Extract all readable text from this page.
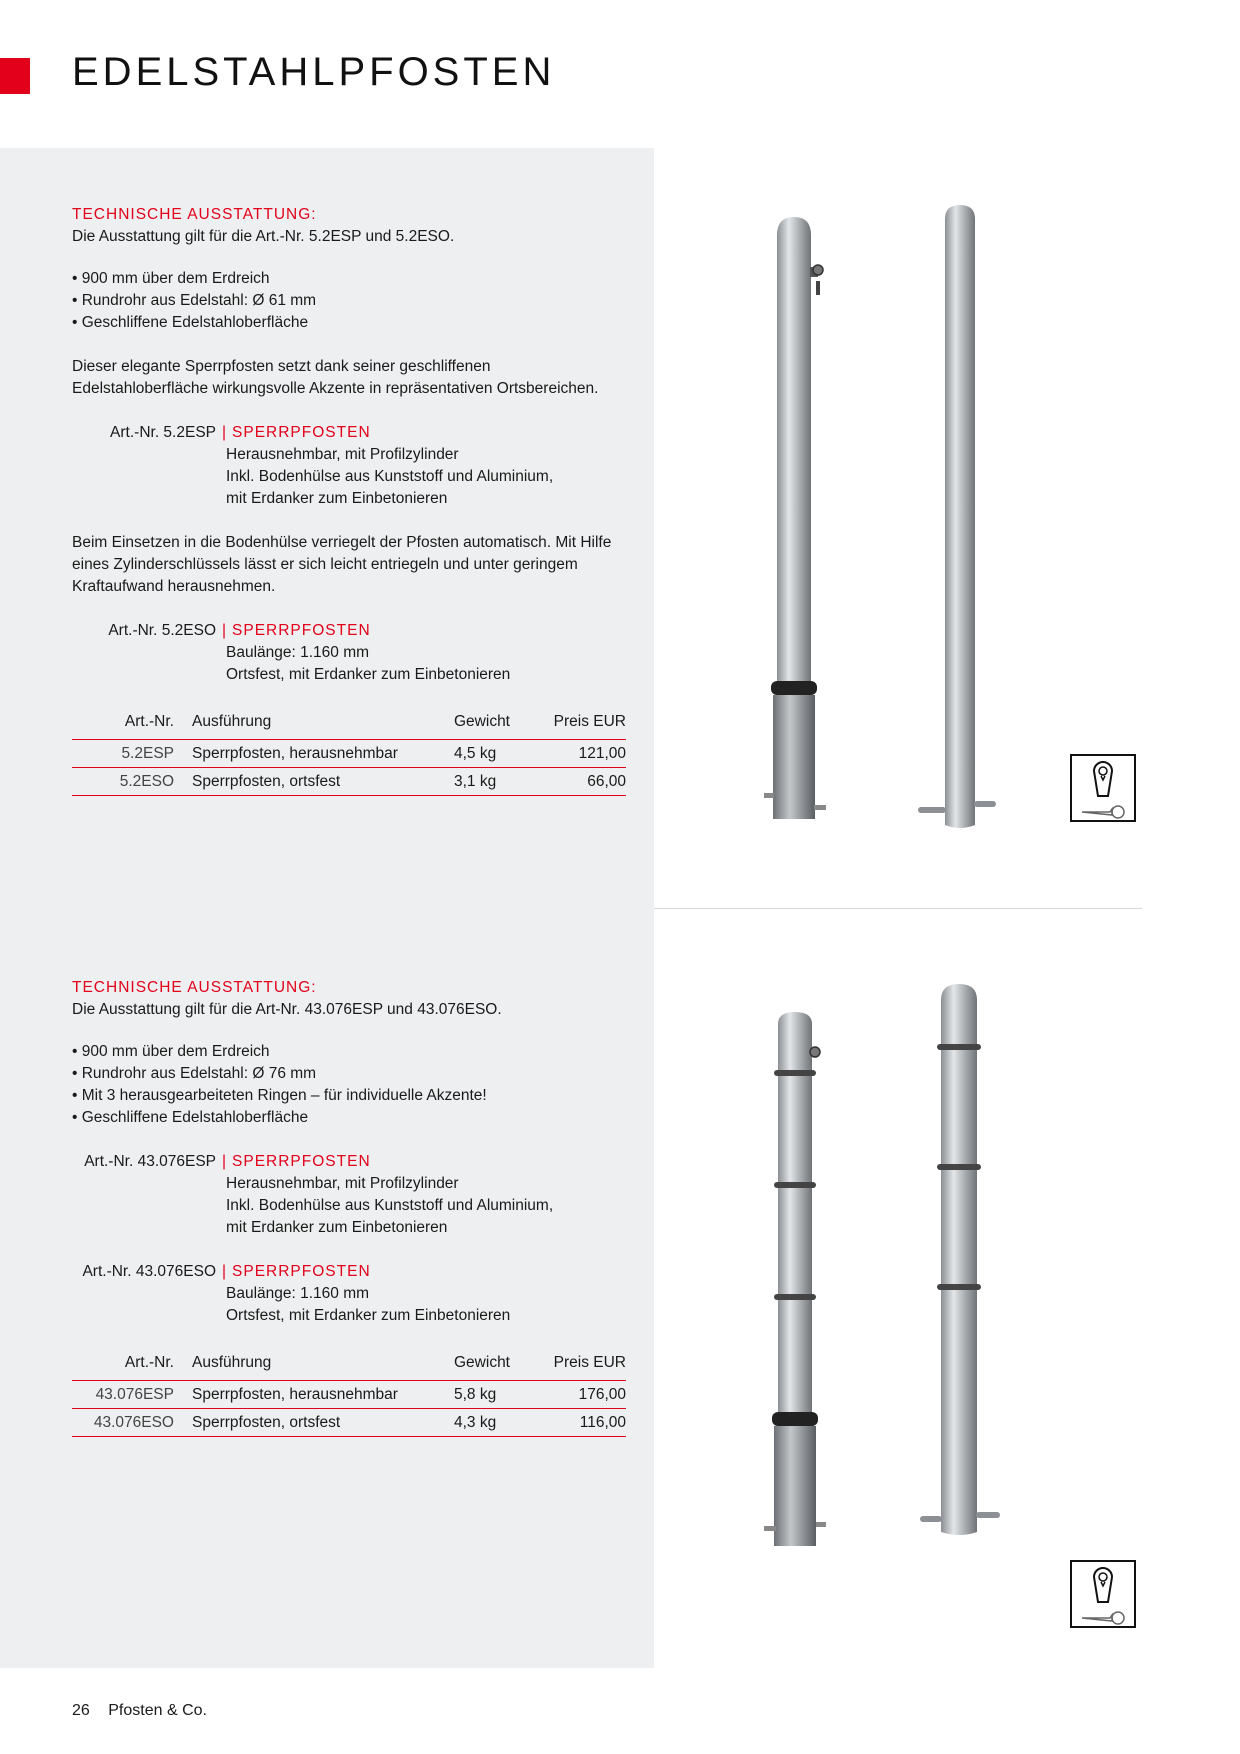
EDELSTAHLPFOSTEN

TECHNISCHE AUSSTATTUNG:

Die Ausstattung gilt für die Art.-Nr. 5.2ESP und 5.2ESO.

• 900 mm über dem Erdreich
• Rundrohr aus Edelstahl: Ø 61 mm
• Geschliffene Edelstahloberfläche

Dieser elegante Sperrpfosten setzt dank seiner geschliffenen Edelstahloberfläche wirkungsvolle Akzente in repräsentativen Ortsbereichen.

Art.-Nr. 5.2ESP | SPERRPFOSTEN
Herausnehmbar, mit Profilzylinder
Inkl. Bodenhülse aus Kunststoff und Aluminium,
mit Erdanker zum Einbetonieren

Beim Einsetzen in die Bodenhülse verriegelt der Pfosten automatisch. Mit Hilfe eines Zylinderschlüssels lässt er sich leicht entriegeln und unter geringem Kraftaufwand herausnehmen.

Art.-Nr. 5.2ESO | SPERRPFOSTEN
Baulänge: 1.160 mm
Ortsfest, mit Erdanker zum Einbetonieren
Art.-Nr.	Ausführung	Gewicht	Preis EUR
5.2ESP	Sperrpfosten, herausnehmbar	4,5 kg	121,00
5.2ESO	Sperrpfosten, ortsfest	3,1 kg	66,00

TECHNISCHE AUSSTATTUNG:

Die Ausstattung gilt für die Art-Nr. 43.076ESP und 43.076ESO.

• 900 mm über dem Erdreich
• Rundrohr aus Edelstahl: Ø 76 mm
• Mit 3 herausgearbeiteten Ringen – für individuelle Akzente!
• Geschliffene Edelstahloberfläche
Art.-Nr. 43.076ESP | SPERRPFOSTEN
Herausnehmbar, mit Profilzylinder
Inkl. Bodenhülse aus Kunststoff und Aluminium,
mit Erdanker zum Einbetonieren
Art.-Nr. 43.076ESO | SPERRPFOSTEN
Baulänge: 1.160 mm
Ortsfest, mit Erdanker zum Einbetonieren
Art.-Nr.	Ausführung	Gewicht	Preis EUR
43.076ESP	Sperrpfosten, herausnehmbar	5,8 kg	176,00
43.076ESO	Sperrpfosten, ortsfest	4,3 kg	116,00
26 Pfosten & Co.
